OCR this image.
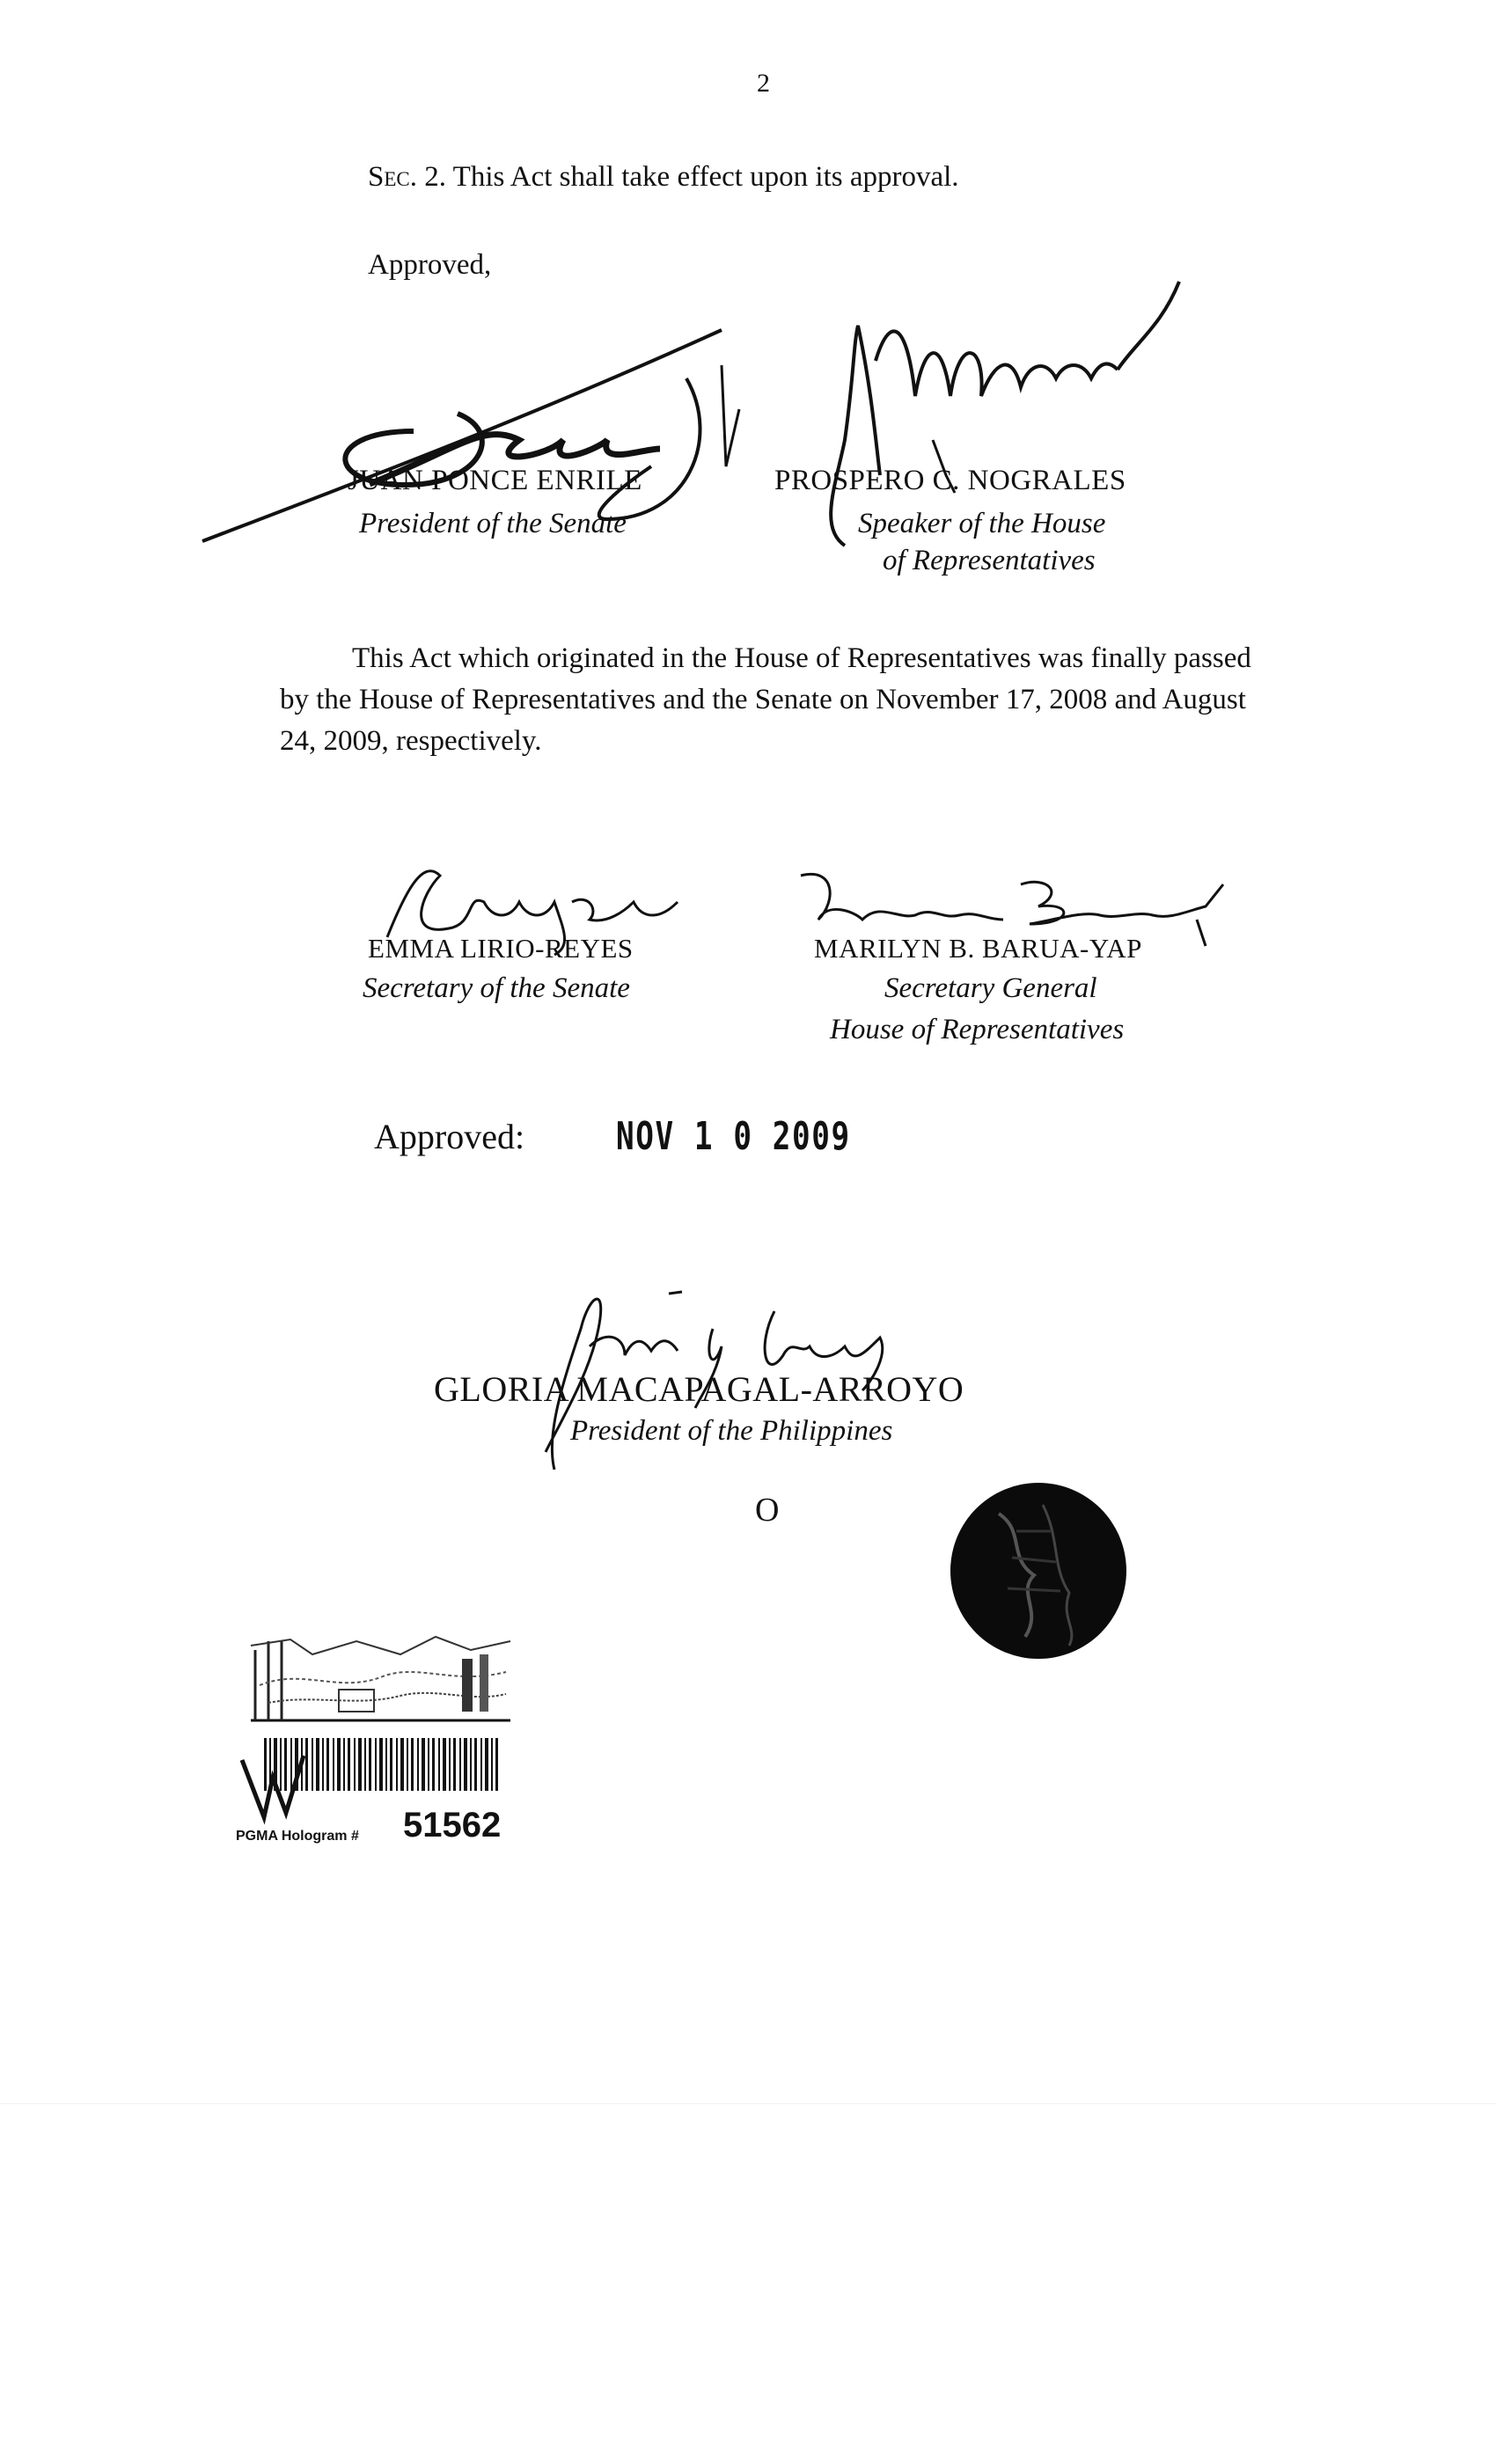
2
Sec. 2. This Act shall take effect upon its approval.
Approved,
JUAN PONCE ENRILE
President of the Senate
PROSPERO C. NOGRALES
Speaker of the House
of Representatives
This Act which originated in the House of Representatives was finally passed by the House of Representatives and the Senate on November 17, 2008 and August 24, 2009, respectively.
EMMA LIRIO-REYES
Secretary of the Senate
MARILYN B. BARUA-YAP
Secretary General
House of Representatives
Approved: NOV 1 0 2009
GLORIA MACAPAGAL-ARROYO
President of the Philippines
O
PGMA Hologram # 51562
